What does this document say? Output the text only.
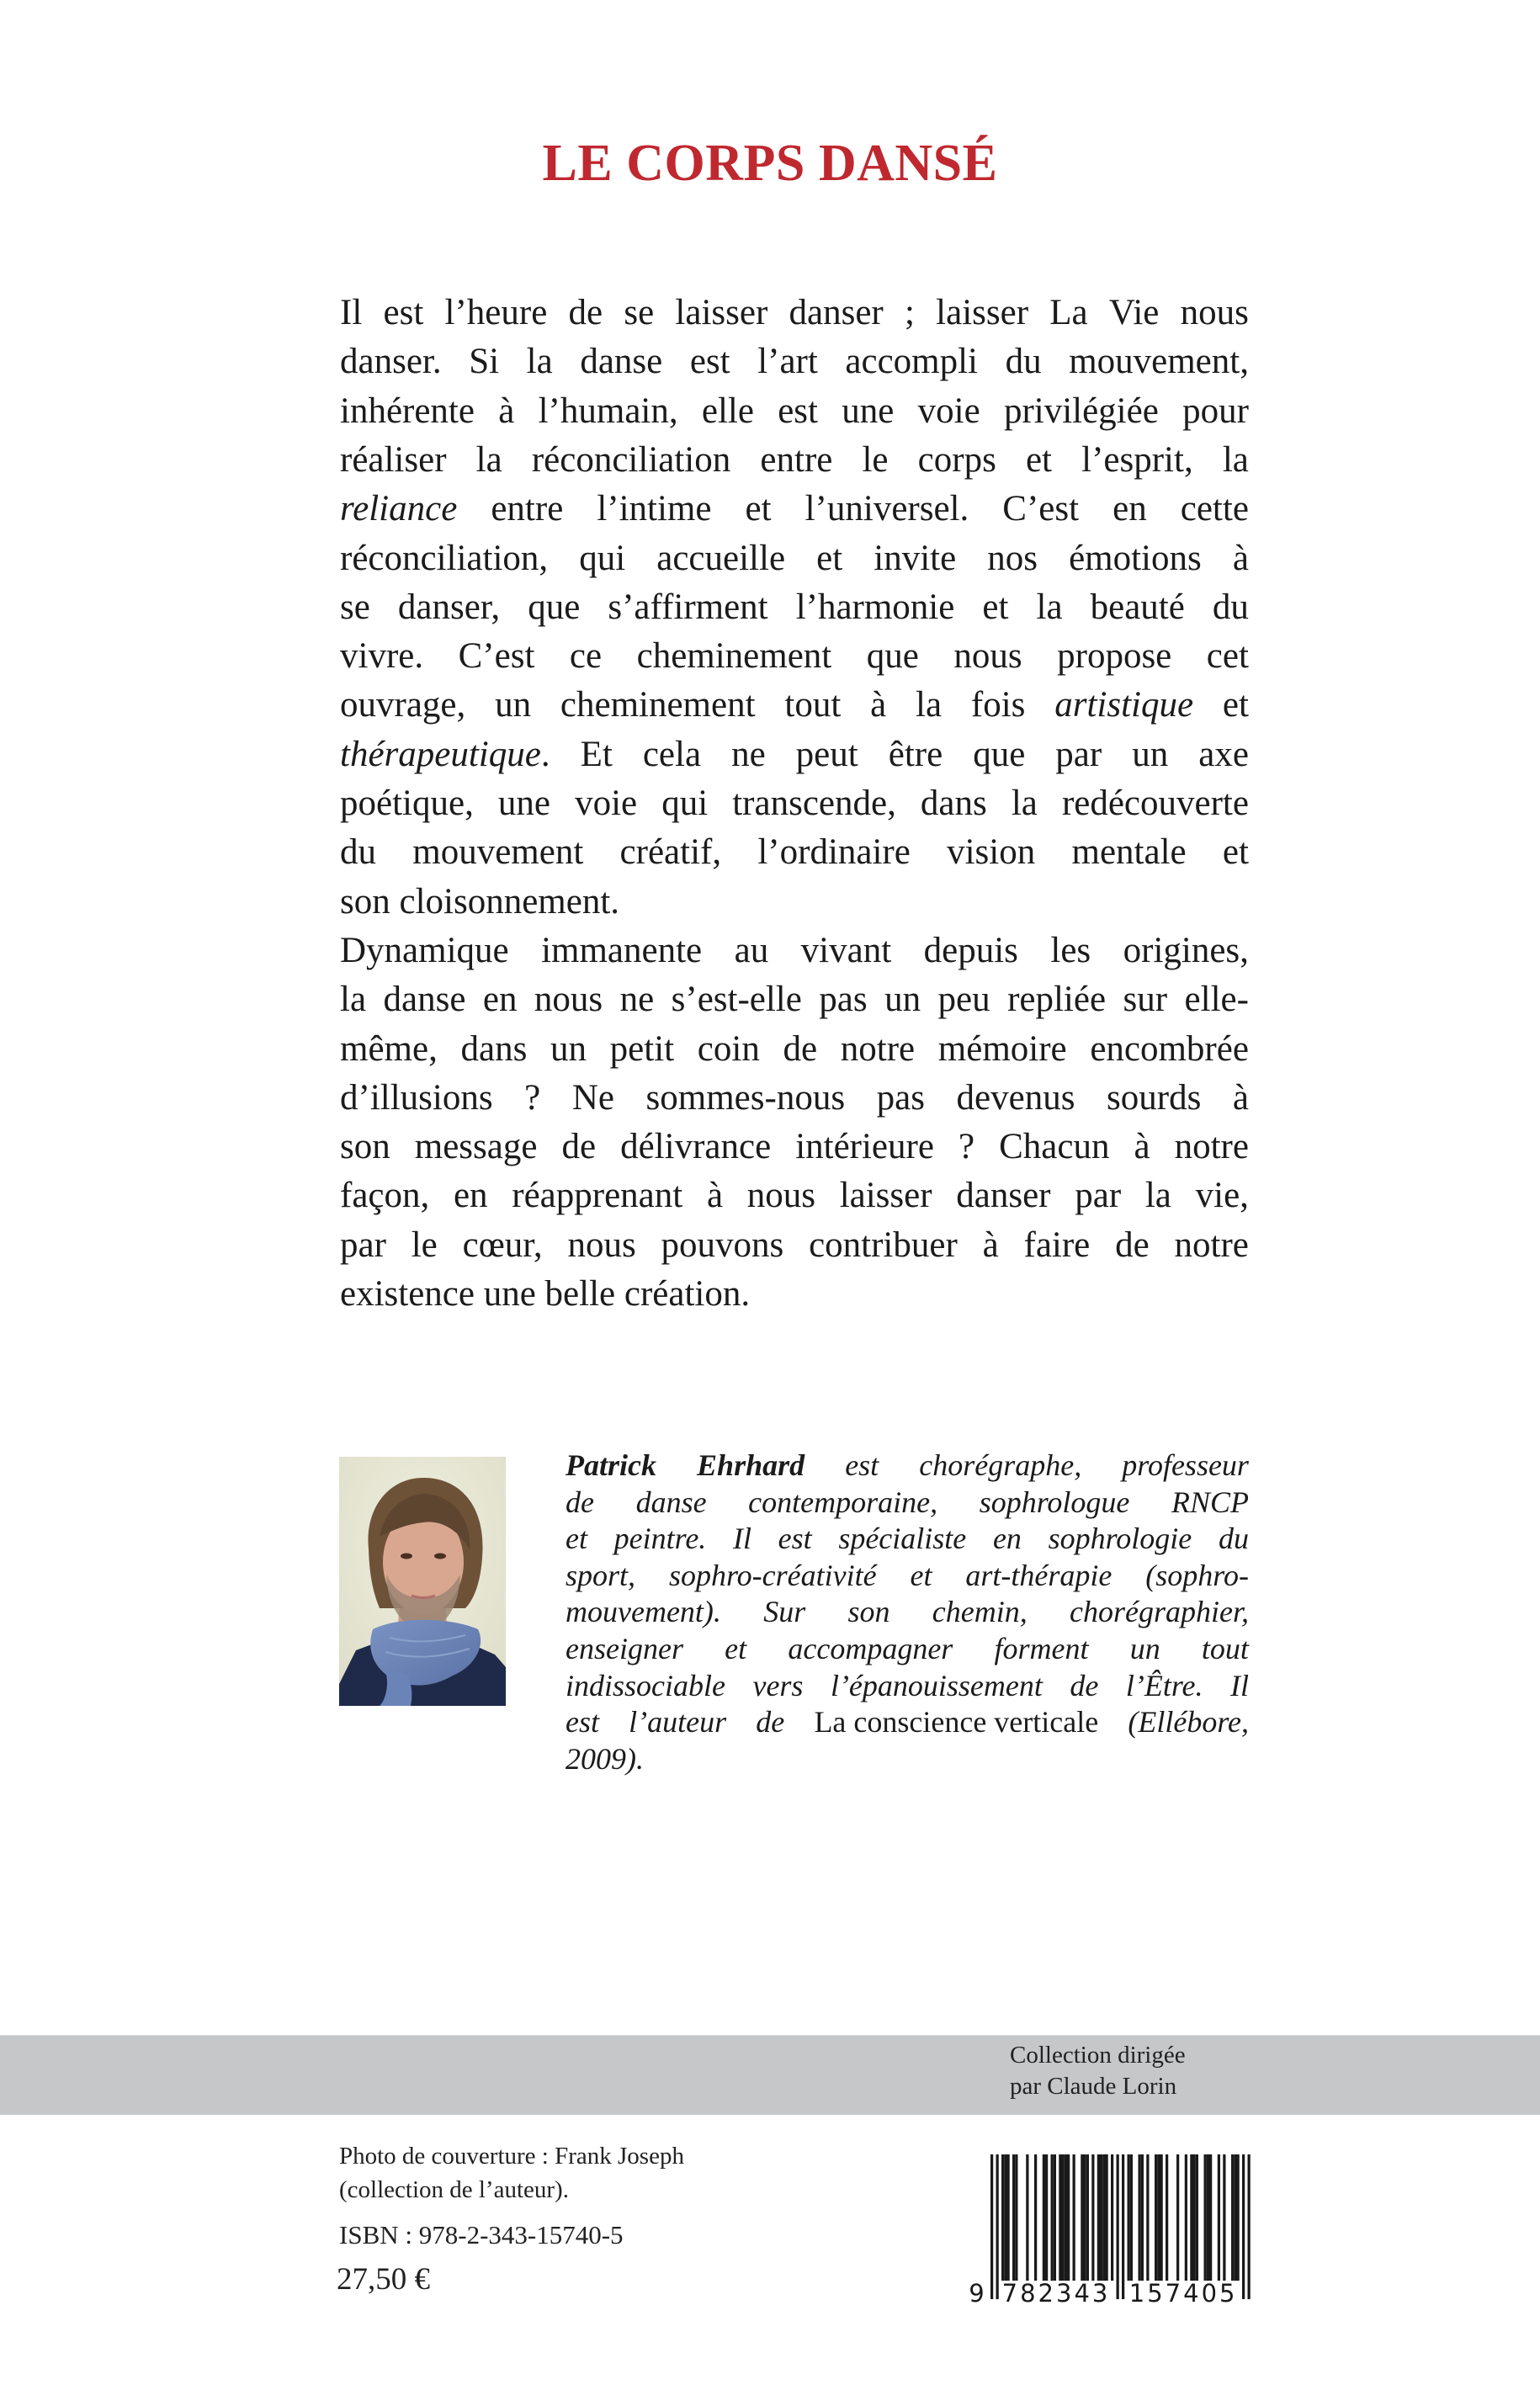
LE CORPS DANSÉ
Il est l’heure de se laisser danser ; laisser La Vie nous
danser. Si la danse est l’art accompli du mouvement,
inhérente à l’humain, elle est une voie privilégiée pour
réaliser la réconciliation entre le corps et l’esprit, la
reliance entre l’intime et l’universel. C’est en cette
réconciliation, qui accueille et invite nos émotions à
se danser, que s’affirment l’harmonie et la beauté du
vivre. C’est ce cheminement que nous propose cet
ouvrage, un cheminement tout à la fois artistique et
thérapeutique. Et cela ne peut être que par un axe
poétique, une voie qui transcende, dans la redécouverte
du mouvement créatif, l’ordinaire vision mentale et
son cloisonnement.
Dynamique immanente au vivant depuis les origines,
la danse en nous ne s’est-elle pas un peu repliée sur elle-
même, dans un petit coin de notre mémoire encombrée
d’illusions ? Ne sommes-nous pas devenus sourds à
son message de délivrance intérieure ? Chacun à notre
façon, en réapprenant à nous laisser danser par la vie,
par le cœur, nous pouvons contribuer à faire de notre
existence une belle création.
Patrick Ehrhard est chorégraphe, professeur
de danse contemporaine, sophrologue RNCP
et peintre. Il est spécialiste en sophrologie du
sport, sophro-créativité et art-thérapie (sophro-
mouvement). Sur son chemin, chorégraphier,
enseigner et accompagner forment un tout
indissociable vers l’épanouissement de l’Être. Il
est l’auteur de La conscience verticale (Ellébore,
2009).
Collection dirigée
par Claude Lorin
Photo de couverture : Frank Joseph
(collection de l’auteur).
ISBN : 978-2-343-15740-5
27,50 €	9 782343 157405
